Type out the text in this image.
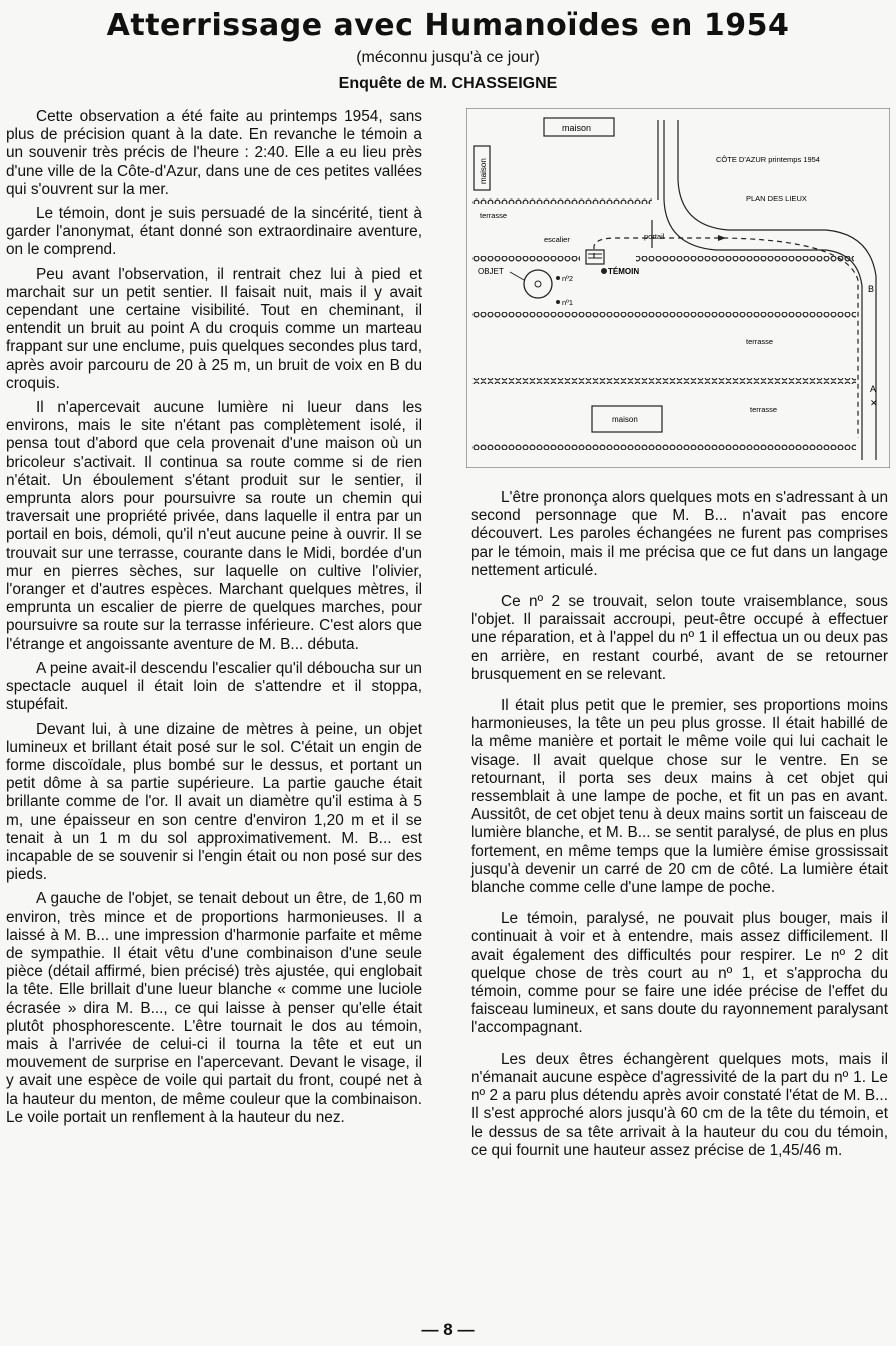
Atterrissage avec Humanoïdes en 1954
(méconnu jusqu'à ce jour)
Enquête de M. CHASSEIGNE

Cette observation a été faite au printemps 1954, sans plus de précision quant à la date. En revanche le témoin a un souvenir très précis de l'heure : 2:40. Elle a eu lieu près d'une ville de la Côte-d'Azur, dans une de ces petites vallées qui s'ouvrent sur la mer.

Le témoin, dont je suis persuadé de la sincérité, tient à garder l'anonymat, étant donné son extraordinaire aventure, on le comprend.

Peu avant l'observation, il rentrait chez lui à pied et marchait sur un petit sentier. Il faisait nuit, mais il y avait cependant une certaine visibilité. Tout en cheminant, il entendit un bruit au point A du croquis comme un marteau frappant sur une enclume, puis quelques secondes plus tard, après avoir parcouru de 20 à 25 m, un bruit de voix en B du croquis.

Il n'apercevait aucune lumière ni lueur dans les environs, mais le site n'étant pas complètement isolé, il pensa tout d'abord que cela provenait d'une maison où un bricoleur s'activait. Il continua sa route comme si de rien n'était. Un éboulement s'étant produit sur le sentier, il emprunta alors pour poursuivre sa route un chemin qui traversait une propriété privée, dans laquelle il entra par un portail en bois, démoli, qu'il n'eut aucune peine à ouvrir. Il se trouvait sur une terrasse, courante dans le Midi, bordée d'un mur en pierres sèches, sur laquelle on cultive l'olivier, l'oranger et d'autres espèces. Marchant quelques mètres, il emprunta un escalier de pierre de quelques marches, pour poursuivre sa route sur la terrasse inférieure. C'est alors que l'étrange et angoissante aventure de M. B... débuta.

A peine avait-il descendu l'escalier qu'il déboucha sur un spectacle auquel il était loin de s'attendre et il stoppa, stupéfait.

Devant lui, à une dizaine de mètres à peine, un objet lumineux et brillant était posé sur le sol. C'était un engin de forme discoïdale, plus bombé sur le dessus, et portant un petit dôme à sa partie supérieure. La partie gauche était brillante comme de l'or. Il avait un diamètre qu'il estima à 5 m, une épaisseur en son centre d'environ 1,20 m et il se tenait à un 1 m du sol approximativement. M. B... est incapable de se souvenir si l'engin était ou non posé sur des pieds.

A gauche de l'objet, se tenait debout un être, de 1,60 m environ, très mince et de proportions harmonieuses. Il a laissé à M. B... une impression d'harmonie parfaite et même de sympathie. Il était vêtu d'une combinaison d'une seule pièce (détail affirmé, bien précisé) très ajustée, qui englobait la tête. Elle brillait d'une lueur blanche « comme une luciole écrasée » dira M. B..., ce qui laisse à penser qu'elle était plutôt phosphorescente. L'être tournait le dos au témoin, mais à l'arrivée de celui-ci il tourna la tête et eut un mouvement de surprise en l'apercevant. Devant le visage, il y avait une espèce de voile qui partait du front, coupé net à la hauteur du menton, de même couleur que la combinaison. Le voile portait un renflement à la hauteur du nez.

maison
maison	CÔTE D'AZUR printemps 1954
PLAN DES LIEUX
terrasse
escalier	portail
TÉMOIN
OBJET
nº2
nº1
terrasse
maison
terrasse
B
A
✕

L'être prononça alors quelques mots en s'adressant à un second personnage que M. B... n'avait pas encore découvert. Les paroles échangées ne furent pas comprises par le témoin, mais il me précisa que ce fut dans un langage nettement articulé.

Ce nº 2 se trouvait, selon toute vraisemblance, sous l'objet. Il paraissait accroupi, peut-être occupé à effectuer une réparation, et à l'appel du nº 1 il effectua un ou deux pas en arrière, en restant courbé, avant de se retourner brusquement en se relevant.

Il était plus petit que le premier, ses proportions moins harmonieuses, la tête un peu plus grosse. Il était habillé de la même manière et portait le même voile qui lui cachait le visage. Il avait quelque chose sur le ventre. En se retournant, il porta ses deux mains à cet objet qui ressemblait à une lampe de poche, et fit un pas en avant. Aussitôt, de cet objet tenu à deux mains sortit un faisceau de lumière blanche, et M. B... se sentit paralysé, de plus en plus fortement, en même temps que la lumière émise grossissait jusqu'à devenir un carré de 20 cm de côté. La lumière était blanche comme celle d'une lampe de poche.

Le témoin, paralysé, ne pouvait plus bouger, mais il continuait à voir et à entendre, mais assez difficilement. Il avait également des difficultés pour respirer. Le nº 2 dit quelque chose de très court au nº 1, et s'approcha du témoin, comme pour se faire une idée précise de l'effet du faisceau lumineux, et sans doute du rayonnement paralysant l'accompagnant.

Les deux êtres échangèrent quelques mots, mais il n'émanait aucune espèce d'agressivité de la part du nº 1. Le nº 2 a paru plus détendu après avoir constaté l'état de M. B... Il s'est approché alors jusqu'à 60 cm de la tête du témoin, et le dessus de sa tête arrivait à la hauteur du cou du témoin, ce qui fournit une hauteur assez précise de 1,45/46 m.

— 8 —
